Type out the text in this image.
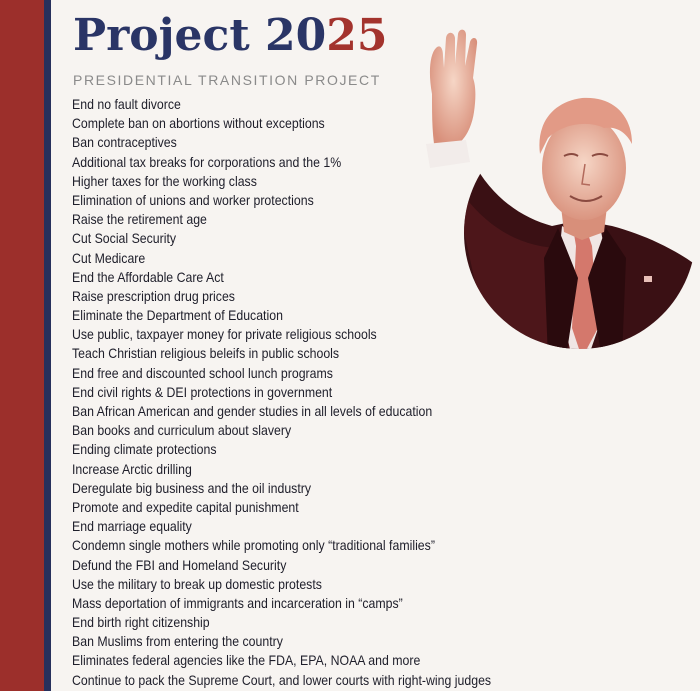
Project 2025
PRESIDENTIAL TRANSITION PROJECT
End no fault divorce
Complete ban on abortions without exceptions
Ban contraceptives
Additional tax breaks for corporations and the 1%
Higher taxes for the working class
Elimination of unions and worker protections
Raise the retirement age
Cut Social Security
Cut Medicare
End the Affordable Care Act
Raise prescription drug prices
Eliminate the Department of Education
Use public, taxpayer money for private religious schools
Teach Christian religious beleifs in public schools
End free and discounted school lunch programs
End civil rights & DEI protections in government
Ban African American and gender studies in all levels of education
Ban books and curriculum about slavery
Ending climate protections
Increase Arctic drilling
Deregulate big business and the oil industry
Promote and expedite capital punishment
End marriage equality
Condemn single mothers while promoting only “traditional families”
Defund the FBI and Homeland Security
Use the military to break up domestic protests
Mass deportation of immigrants and incarceration in “camps”
End birth right citizenship
Ban Muslims from entering the country
Eliminates federal agencies like the FDA, EPA, NOAA and more
Continue to pack the Supreme Court, and lower courts with right-wing judges
